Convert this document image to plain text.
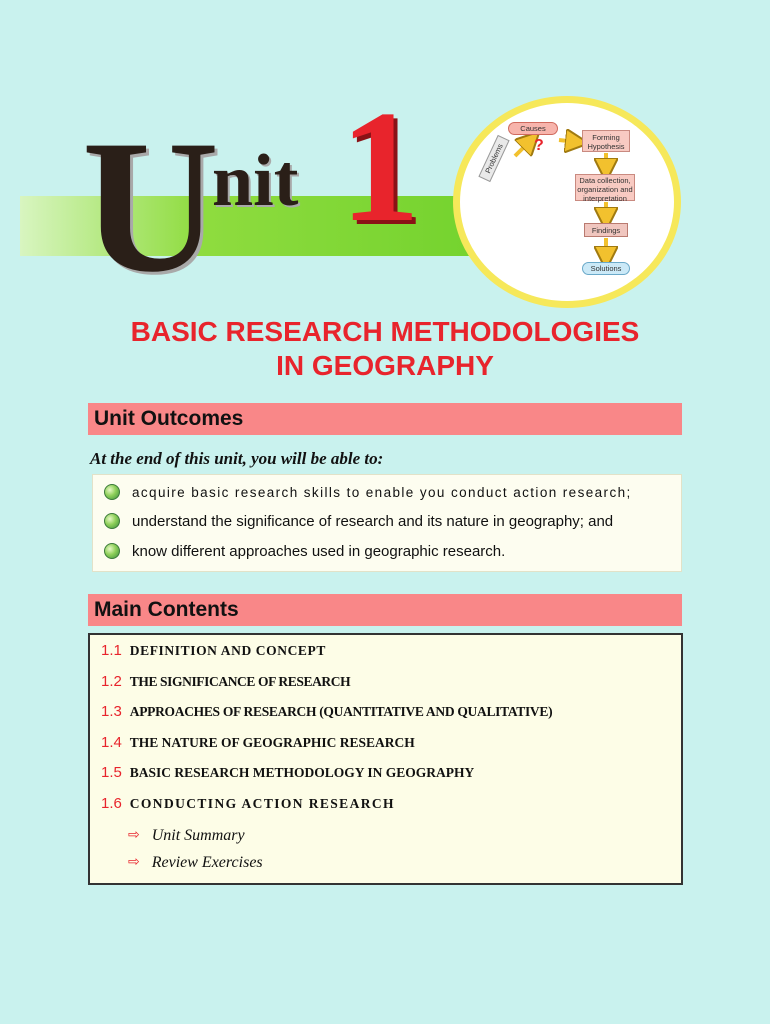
U
nit 1	Problems
Causes
?	Forming Hypothesis
Data collection, organization and interpretation
Findings
Solutions
BASIC RESEARCH METHODOLOGIES
IN GEOGRAPHY
Unit Outcomes
At the end of this unit, you will be able to:
acquire basic research skills to enable you conduct action research;
understand the significance of research and its nature in geography; and
know different approaches used in geographic research.
Main Contents
1.1 DEFINITION AND CONCEPT
1.2 THE SIGNIFICANCE OF RESEARCH
1.3 APPROACHES OF RESEARCH (QUANTITATIVE AND QUALITATIVE)
1.4 THE NATURE OF GEOGRAPHIC RESEARCH
1.5 BASIC RESEARCH METHODOLOGY IN GEOGRAPHY
1.6 CONDUCTING ACTION RESEARCH
⇨ Unit Summary
⇨ Review Exercises
